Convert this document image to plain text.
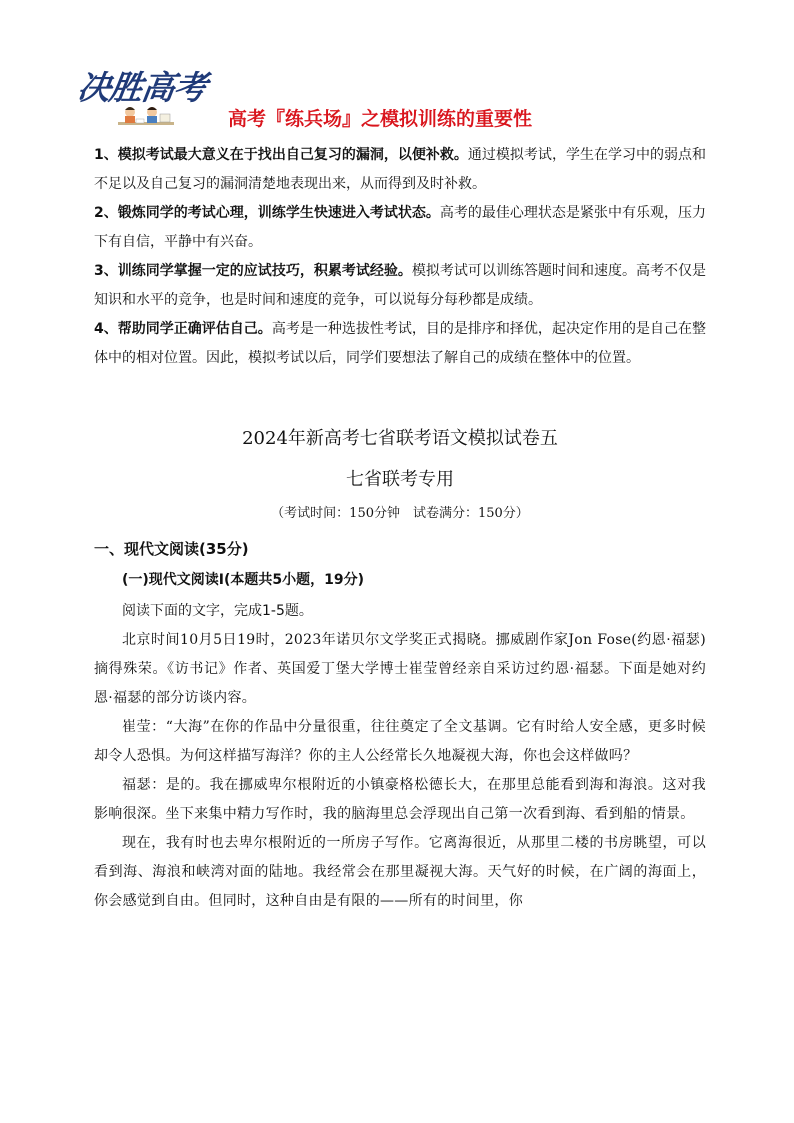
决胜高考
高考『练兵场』之模拟训练的重要性

1、模拟考试最大意义在于找出自己复习的漏洞，以便补救。通过模拟考试，学生在学习中的弱点和不足以及自己复习的漏洞清楚地表现出来，从而得到及时补救。

2、锻炼同学的考试心理，训练学生快速进入考试状态。高考的最佳心理状态是紧张中有乐观，压力下有自信，平静中有兴奋。

3、训练同学掌握一定的应试技巧，积累考试经验。模拟考试可以训练答题时间和速度。高考不仅是知识和水平的竞争，也是时间和速度的竞争，可以说每分每秒都是成绩。

4、帮助同学正确评估自己。高考是一种选拔性考试，目的是排序和择优，起决定作用的是自己在整体中的相对位置。因此，模拟考试以后，同学们要想法了解自己的成绩在整体中的位置。

2024年新高考七省联考语文模拟试卷五
七省联考专用
（考试时间：150分钟　试卷满分：150分）
一、现代文阅读(35分)
(一)现代文阅读Ⅰ(本题共5小题，19分)
阅读下面的文字，完成1-5题。

北京时间10月5日19时，2023年诺贝尔文学奖正式揭晓。挪威剧作家Jon Fose(约恩·福瑟)摘得殊荣。《访书记》作者、英国爱丁堡大学博士崔莹曾经亲自采访过约恩·福瑟。下面是她对约恩·福瑟的部分访谈内容。

崔莹：“大海”在你的作品中分量很重，往往奠定了全文基调。它有时给人安全感，更多时候却令人恐惧。为何这样描写海洋？你的主人公经常长久地凝视大海，你也会这样做吗？

福瑟：是的。我在挪威卑尔根附近的小镇豪格松德长大，在那里总能看到海和海浪。这对我影响很深。坐下来集中精力写作时，我的脑海里总会浮现出自己第一次看到海、看到船的情景。

现在，我有时也去卑尔根附近的一所房子写作。它离海很近，从那里二楼的书房眺望，可以看到海、海浪和峡湾对面的陆地。我经常会在那里凝视大海。天气好的时候，在广阔的海面上，你会感觉到自由。但同时，这种自由是有限的——所有的时间里，你
